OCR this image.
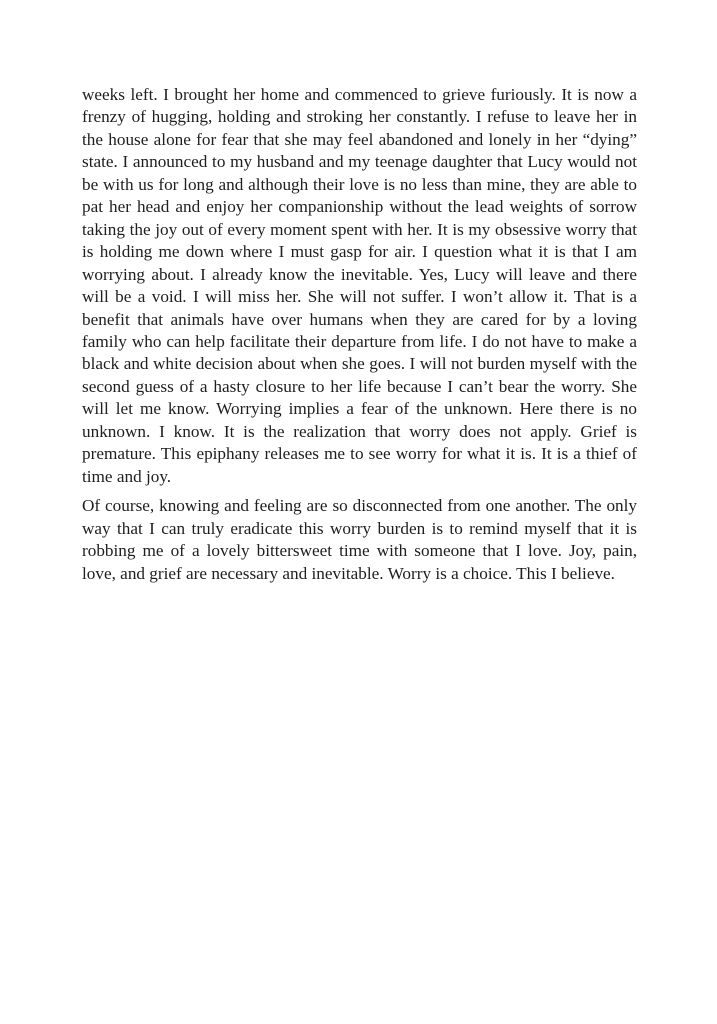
weeks left. I brought her home and commenced to grieve furiously. It is now a frenzy of hugging, holding and stroking her constantly. I refuse to leave her in the house alone for fear that she may feel abandoned and lonely in her “dying” state. I announced to my husband and my teenage daughter that Lucy would not be with us for long and although their love is no less than mine, they are able to pat her head and enjoy her companionship without the lead weights of sorrow taking the joy out of every moment spent with her. It is my obsessive worry that is holding me down where I must gasp for air. I question what it is that I am worrying about. I already know the inevitable. Yes, Lucy will leave and there will be a void. I will miss her. She will not suffer. I won’t allow it. That is a benefit that animals have over humans when they are cared for by a loving family who can help facilitate their departure from life. I do not have to make a black and white decision about when she goes. I will not burden myself with the second guess of a hasty closure to her life because I can’t bear the worry. She will let me know. Worrying implies a fear of the unknown. Here there is no unknown. I know. It is the realization that worry does not apply. Grief is premature. This epiphany releases me to see worry for what it is. It is a thief of time and joy.

Of course, knowing and feeling are so disconnected from one another. The only way that I can truly eradicate this worry burden is to remind myself that it is robbing me of a lovely bittersweet time with someone that I love. Joy, pain, love, and grief are necessary and inevitable. Worry is a choice. This I believe.
